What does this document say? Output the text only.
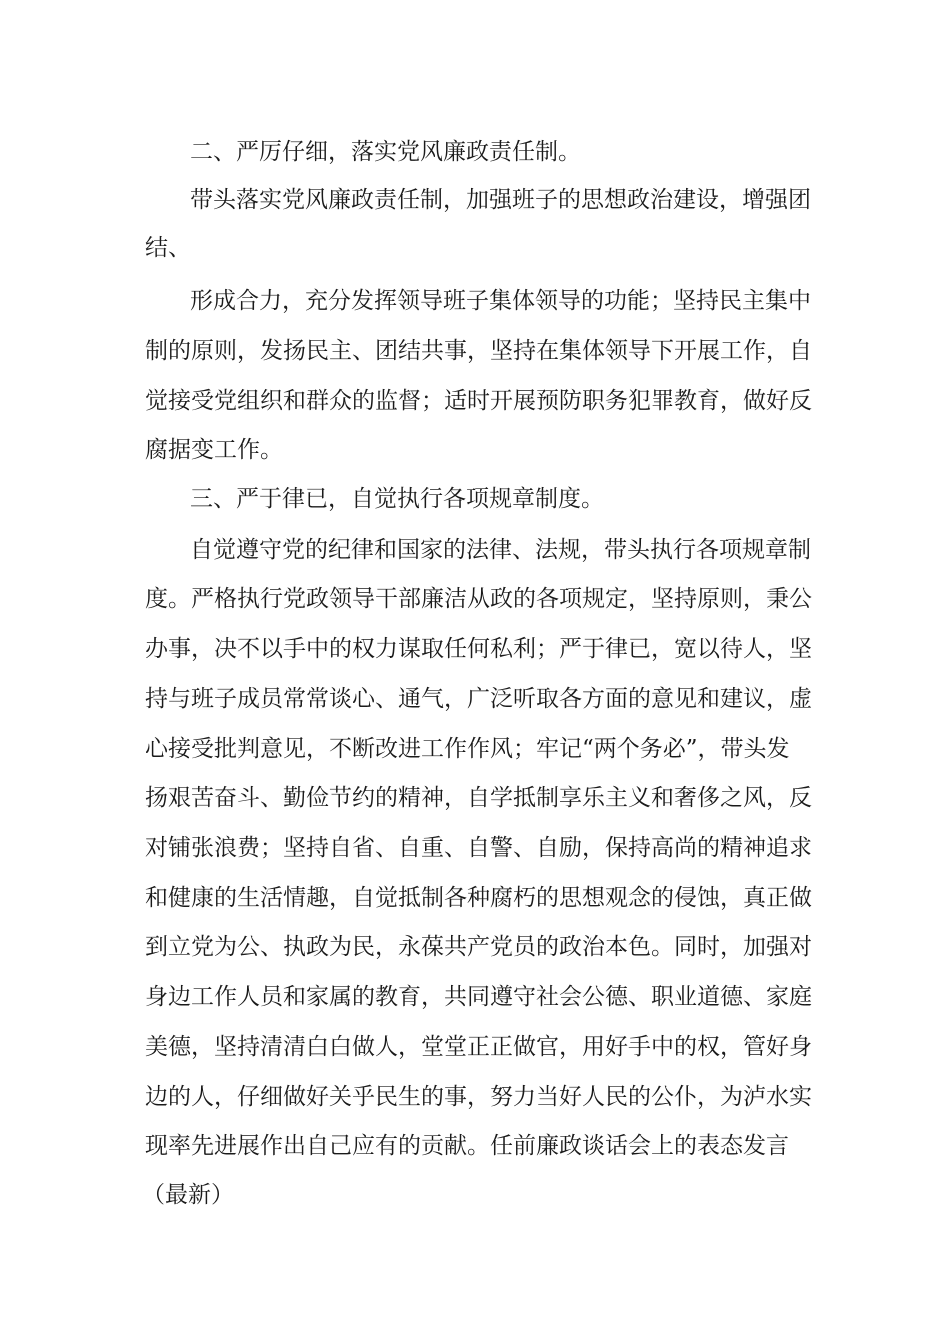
二、严厉仔细，落实党风廉政责任制。

带头落实党风廉政责任制，加强班子的思想政治建设，增强团

结、

形成合力，充分发挥领导班子集体领导的功能；坚持民主集中

制的原则，发扬民主、团结共事，坚持在集体领导下开展工作，自

觉接受党组织和群众的监督；适时开展预防职务犯罪教育，做好反

腐据变工作。

三、严于律已，自觉执行各项规章制度。

自觉遵守党的纪律和国家的法律、法规，带头执行各项规章制

度。严格执行党政领导干部廉洁从政的各项规定，坚持原则，秉公

办事，决不以手中的权力谋取任何私利；严于律已，宽以待人，坚

持与班子成员常常谈心、通气，广泛听取各方面的意见和建议，虚

心接受批判意见，不断改进工作作风；牢记“两个务必”，带头发

扬艰苦奋斗、勤俭节约的精神，自学抵制享乐主义和奢侈之风，反

对铺张浪费；坚持自省、自重、自警、自励，保持高尚的精神追求

和健康的生活情趣，自觉抵制各种腐朽的思想观念的侵蚀，真正做

到立党为公、执政为民，永葆共产党员的政治本色。同时，加强对

身边工作人员和家属的教育，共同遵守社会公德、职业道德、家庭

美德，坚持清清白白做人，堂堂正正做官，用好手中的权，管好身

边的人，仔细做好关乎民生的事，努力当好人民的公仆，为泸水实

现率先进展作出自己应有的贡献。任前廉政谈话会上的表态发言

（最新）
